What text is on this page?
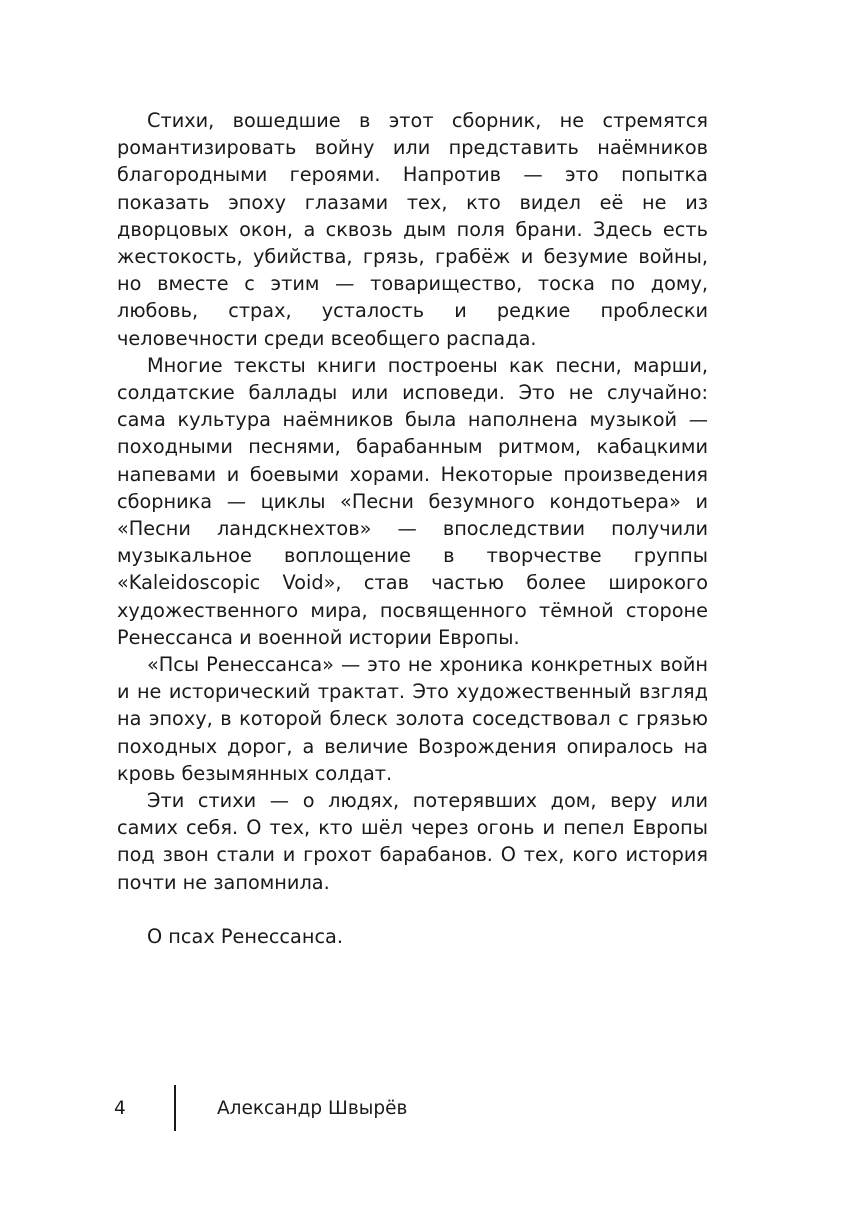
Стихи, вошедшие в этот сборник, не стремятся романтизировать войну или представить наёмников благородными героями. Напротив — это попытка показать эпоху глазами тех, кто видел её не из дворцовых окон, а сквозь дым поля брани. Здесь есть жестокость, убийства, грязь, грабёж и безумие войны, но вместе с этим — товарищество, тоска по дому, любовь, страх, усталость и редкие проблески человечности среди всеобщего распада.

Многие тексты книги построены как песни, марши, солдатские баллады или исповеди. Это не случайно: сама культура наёмников была наполнена музыкой — походными песнями, барабанным ритмом, кабацкими напевами и боевыми хорами. Некоторые произведения сборника — циклы «Песни безумного кондотьера» и «Песни ландскнехтов» — впоследствии получили музыкальное воплощение в творчестве группы «Kaleidoscopic Void», став частью более широкого художественного мира, посвященного тёмной стороне Ренессанса и военной истории Европы.

«Псы Ренессанса» — это не хроника конкретных войн и не исторический трактат. Это художественный взгляд на эпоху, в которой блеск золота соседствовал с грязью походных дорог, а величие Возрождения опиралось на кровь безымянных солдат.

Эти стихи — о людях, потерявших дом, веру или самих себя. О тех, кто шёл через огонь и пепел Европы под звон стали и грохот барабанов. О тех, кого история почти не запомнила.

О псах Ренессанса.

4	Александр Швырёв
